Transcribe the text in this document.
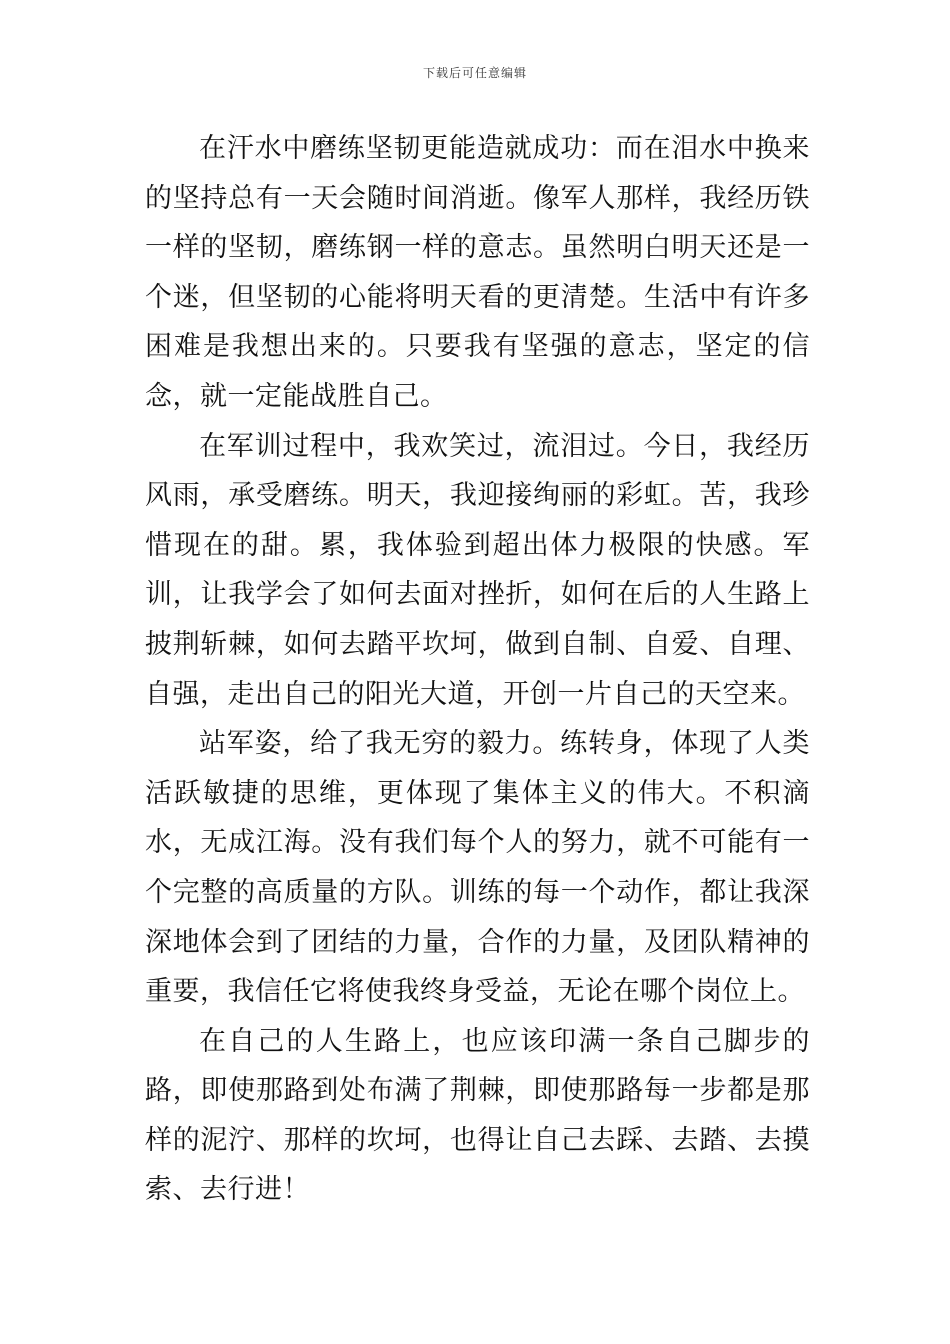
下载后可任意编辑

在汗水中磨练坚韧更能造就成功：而在泪水中换来的坚持总有一天会随时间消逝。像军人那样，我经历铁一样的坚韧，磨练钢一样的意志。虽然明白明天还是一个迷，但坚韧的心能将明天看的更清楚。生活中有许多困难是我想出来的。只要我有坚强的意志，坚定的信念，就一定能战胜自己。

在军训过程中，我欢笑过，流泪过。今日，我经历风雨，承受磨练。明天，我迎接绚丽的彩虹。苦，我珍惜现在的甜。累，我体验到超出体力极限的快感。军训，让我学会了如何去面对挫折，如何在后的人生路上披荆斩棘，如何去踏平坎坷，做到自制、自爱、自理、自强，走出自己的阳光大道，开创一片自己的天空来。

站军姿，给了我无穷的毅力。练转身，体现了人类活跃敏捷的思维，更体现了集体主义的伟大。不积滴水，无成江海。没有我们每个人的努力，就不可能有一个完整的高质量的方队。训练的每一个动作，都让我深深地体会到了团结的力量，合作的力量，及团队精神的重要，我信任它将使我终身受益，无论在哪个岗位上。

在自己的人生路上，也应该印满一条自己脚步的路，即使那路到处布满了荆棘，即使那路每一步都是那样的泥泞、那样的坎坷，也得让自己去踩、去踏、去摸索、去行进！
